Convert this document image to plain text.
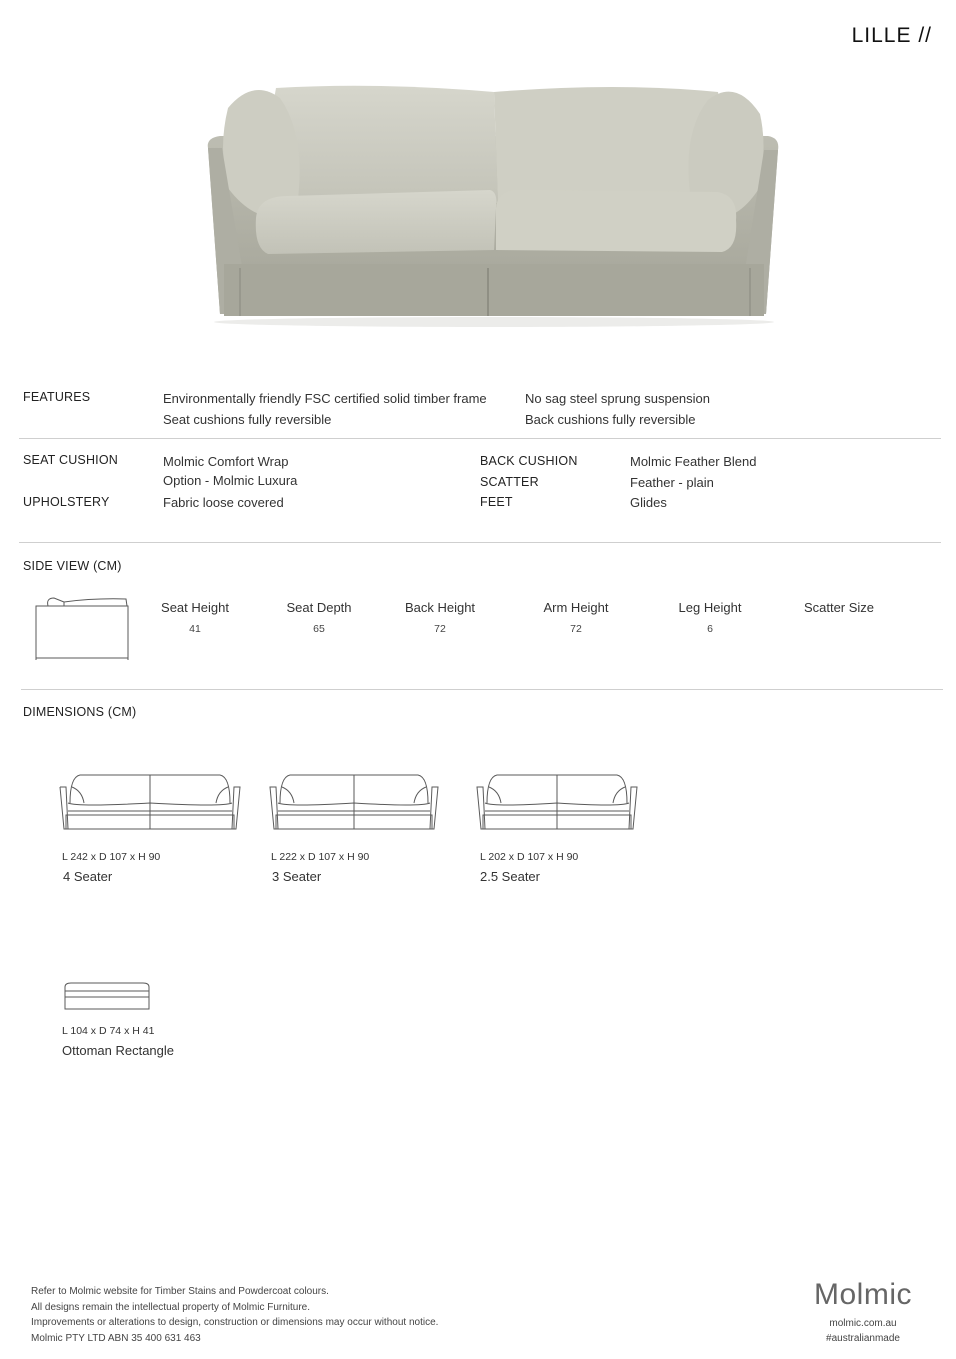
LILLE //
FEATURES	Environmentally friendly FSC certified solid timber frame
Seat cushions fully reversible
No sag steel sprung suspension
Back cushions fully reversible
SEAT CUSHION	Molmic Comfort Wrap
Option - Molmic Luxura
UPHOLSTERY	Fabric loose covered
BACK CUSHION	Molmic Feather Blend
SCATTER	Feather - plain
FEET	Glides
SIDE VIEW (CM)
Seat Height
41
Seat Depth
65
Back Height
72
Arm Height
72
Leg Height
6
Scatter Size
DIMENSIONS (CM)
L 242 x D 107 x H 90
4 Seater
L 222 x D 107 x H 90
3 Seater
L 202 x D 107 x H 90
2.5 Seater
L 104 x D 74 x H 41
Ottoman Rectangle
Refer to Molmic website for Timber Stains and Powdercoat colours.
All designs remain the intellectual property of Molmic Furniture.
Improvements or alterations to design, construction or dimensions may occur without notice.
Molmic PTY LTD ABN 35 400 631 463
Molmic
molmic.com.au
#australianmade
